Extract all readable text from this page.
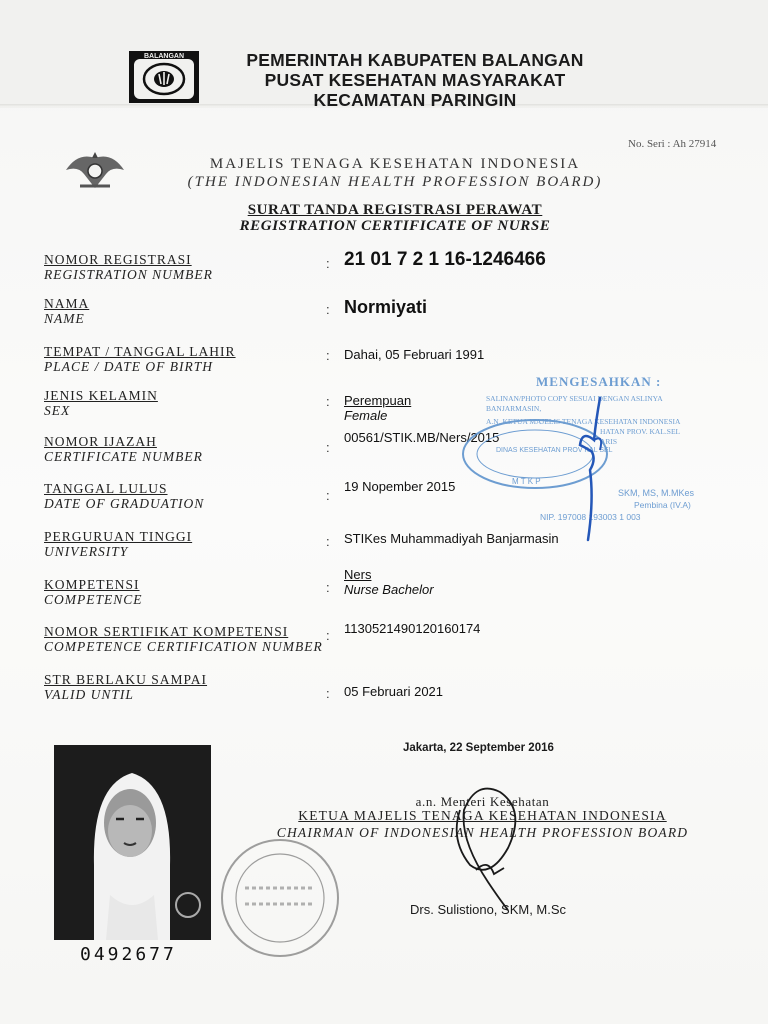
BALANGAN	PEMERINTAH KABUPATEN BALANGAN
PUSAT KESEHATAN MASYARAKAT
KECAMATAN PARINGIN
No. Seri : Ah 27914
MAJELIS TENAGA KESEHATAN INDONESIA
(THE INDONESIAN HEALTH PROFESSION BOARD)
SURAT TANDA REGISTRASI PERAWAT
REGISTRATION CERTIFICATE OF NURSE
NOMOR REGISTRASI
REGISTRATION NUMBER
NAMA
NAME
TEMPAT / TANGGAL LAHIR
PLACE / DATE OF BIRTH
JENIS KELAMIN
SEX
NOMOR IJAZAH
CERTIFICATE NUMBER
TANGGAL LULUS
DATE OF GRADUATION
PERGURUAN TINGGI
UNIVERSITY
KOMPETENSI
COMPETENCE
NOMOR SERTIFIKAT KOMPETENSI
COMPETENCE CERTIFICATION NUMBER
STR BERLAKU SAMPAI
VALID UNTIL
:
:
:
:
:
:
:
:
:
:
21 01 7 2 1 16-1246466
Normiyati
Dahai, 05 Februari 1991
Perempuan
Female
00561/STIK.MB/Ners/2015
19 Nopember 2015
STIKes Muhammadiyah Banjarmasin
Ners
Nurse Bachelor
1130521490120160174
05 Februari 2021
MENGESAHKAN :
SALINAN/PHOTO COPY SESUAI DENGAN ASLINYA
BANJARMASIN,
A.N. KETUA MAJELIS TENAGA KESEHATAN INDONESIA
HATAN PROV. KAL.SEL
ARIS
DINAS KESEHATAN PROV KAL SEL
M T K P
SKM, MS, M.MKes
Pembina (IV.A)
NIP. 197008 193003 1 003
Jakarta, 22 September 2016
a.n. Menteri Kesehatan
KETUA MAJELIS TENAGA KESEHATAN INDONESIA
CHAIRMAN OF INDONESIAN HEALTH PROFESSION BOARD
Drs. Sulistiono, SKM, M.Sc
0492677
